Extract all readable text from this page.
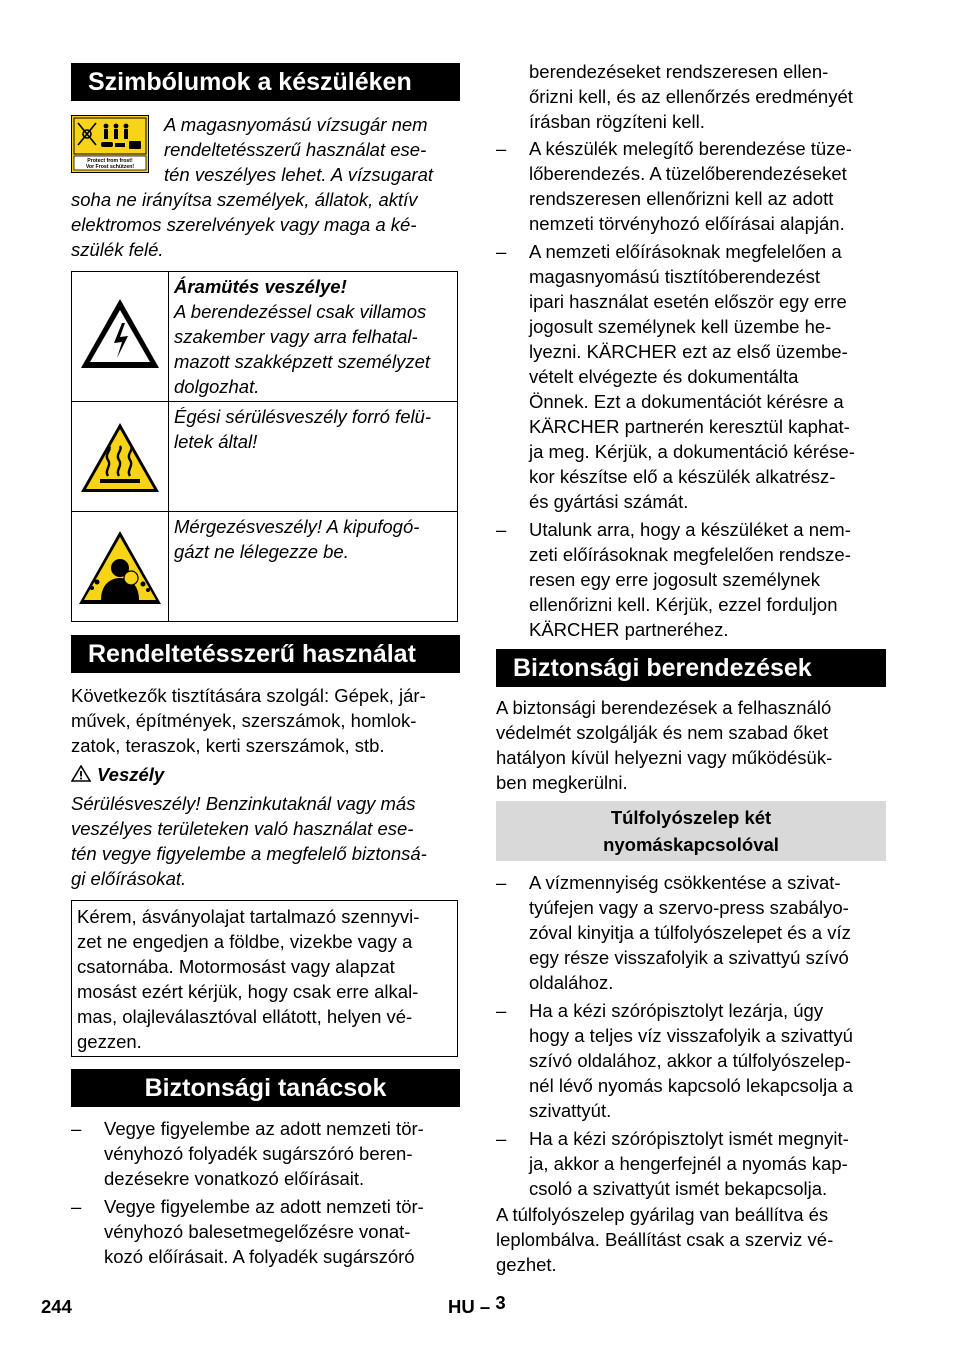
Szimbólumok a készüléken
Protect from frost!
Vor Frost schützen!
A magasnyomású vízsugár nem
rendeltetésszerű használat ese-
tén veszélyes lehet. A vízsugarat
soha ne irányítsa személyek, állatok, aktív
elektromos szerelvények vagy maga a ké-
szülék felé.

Áramütés veszélye!
A berendezéssel csak villamos
szakember vagy arra felhatal-
mazott szakképzett személyzet
dolgozhat.

Égési sérülésveszély forró felü-
letek által!

Mérgezésveszély! A kipufogó-
gázt ne lélegezze be.
Rendeltetésszerű használat
Következők tisztítására szolgál: Gépek, jár-
művek, építmények, szerszámok, homlok-
zatok, teraszok, kerti szerszámok, stb.
Veszély
Sérülésveszély! Benzinkutaknál vagy más
veszélyes területeken való használat ese-
tén vegye figyelembe a megfelelő biztonsá-
gi előírásokat.
Kérem, ásványolajat tartalmazó szennyvi-
zet ne engedjen a földbe, vizekbe vagy a
csatornába. Motormosást vagy alapzat
mosást ezért kérjük, hogy csak erre alkal-
mas, olajleválasztóval ellátott, helyen vé-
gezzen.
Biztonsági tanácsok
– Vegye figyelembe az adott nemzeti tör-
vényhozó folyadék sugárszóró beren-
dezésekre vonatkozó előírásait.
– Vegye figyelembe az adott nemzeti tör-
vényhozó balesetmegelőzésre vonat-
kozó előírásait. A folyadék sugárszóró
berendezéseket rendszeresen ellen-
őrizni kell, és az ellenőrzés eredményét
írásban rögzíteni kell.
– A készülék melegítő berendezése tüze-
lőberendezés. A tüzelőberendezéseket
rendszeresen ellenőrizni kell az adott
nemzeti törvényhozó előírásai alapján.
– A nemzeti előírásoknak megfelelően a
magasnyomású tisztítóberendezést
ipari használat esetén először egy erre
jogosult személynek kell üzembe he-
lyezni. KÄRCHER ezt az első üzembe-
vételt elvégezte és dokumentálta
Önnek. Ezt a dokumentációt kérésre a
KÄRCHER partnerén keresztül kaphat-
ja meg. Kérjük, a dokumentáció kérése-
kor készítse elő a készülék alkatrész-
és gyártási számát.
– Utalunk arra, hogy a készüléket a nem-
zeti előírásoknak megfelelően rendsze-
resen egy erre jogosult személynek
ellenőrizni kell. Kérjük, ezzel forduljon
KÄRCHER partneréhez.
Biztonsági berendezések
A biztonsági berendezések a felhasználó
védelmét szolgálják és nem szabad őket
hatályon kívül helyezni vagy működésük-
ben megkerülni.
Túlfolyószelep két
nyomáskapcsolóval
– A vízmennyiség csökkentése a szivat-
tyúfejen vagy a szervo-press szabályo-
zóval kinyitja a túlfolyószelepet és a víz
egy része visszafolyik a szivattyú szívó
oldalához.
– Ha a kézi szórópisztolyt lezárja, úgy
hogy a teljes víz visszafolyik a szivattyú
szívó oldalához, akkor a túlfolyószelep-
nél lévő nyomás kapcsoló lekapcsolja a
szivattyút.
– Ha a kézi szórópisztolyt ismét megnyit-
ja, akkor a hengerfejnél a nyomás kap-
csoló a szivattyút ismét bekapcsolja.
A túlfolyószelep gyárilag van beállítva és
leplombálva. Beállítást csak a szerviz vé-
gezhet.
244	HU – 3
